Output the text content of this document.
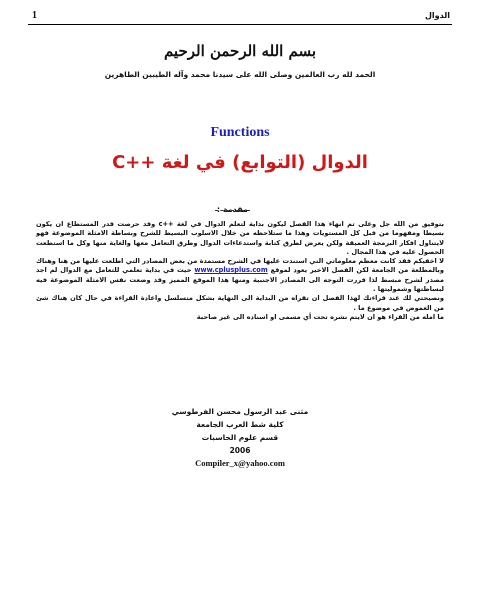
1	الدوال
بسم الله الرحمن الرحيم
الحمد لله رب العالمين وصلى الله على سيدنا محمد وآله الطيبين الطاهرين
Functions
الدوال (التوابع) في لغة ++C
مقدمة :

بتوفيق من الله جل وعلى تم انهاء هذا الفصل ليكون بداية لتعلم الدوال في لغة ++c وقد حرصت قدر المستطاع ان يكون بسيطا ومفهوما من قبل كل المستويات وهذا ما ستلاحظه من خلال الاسلوب البسيط للشرح وبساطة الامثلة الموضوعة فهو لايتناول افكار البرمجة العميقة ولكن يعرض لطرق كتابة واستدعاءات الدوال وطرق التعامل معها والغاية منها وكل ما استطعت الحصول عليه في هذا المجال .

لا اخفيكم فقد كانت معظم معلوماتي التي استندت عليها في الشرح مستمدة من بعض المصادر التي اطلعت عليها من هنا وهناك وبالمطلعة من الجامعة لكن الفصل الاخير يعود لموقع www.cplusplus.com حيث في بداية تعلمي للتعامل مع الدوال لم اجد مصدر لشرح مبسط لذا قررت التوجه الى المصادر الاجنبية ومنها هذا الموقع المميز وقد وضعت نفس الامثلة الموضوعة فيه لبساطتها وشموليتها .

ونصيحتي لك عند قراءتك لهذا الفصل ان تقراه من البداية الى النهاية بشكل متسلسل واعادة القراءة في حال كان هناك شئ من الغموض في موضوع ما .

ما امله من القراء هو ان لايتم نشره تحت أي مسمى او اسناده الى غير صاحبة

مثنى عبد الرسول محسن الفرطوسي
كلية شط العرب الجامعة
قسم علوم الحاسبات
2006
Compiler_x@yahoo.com
